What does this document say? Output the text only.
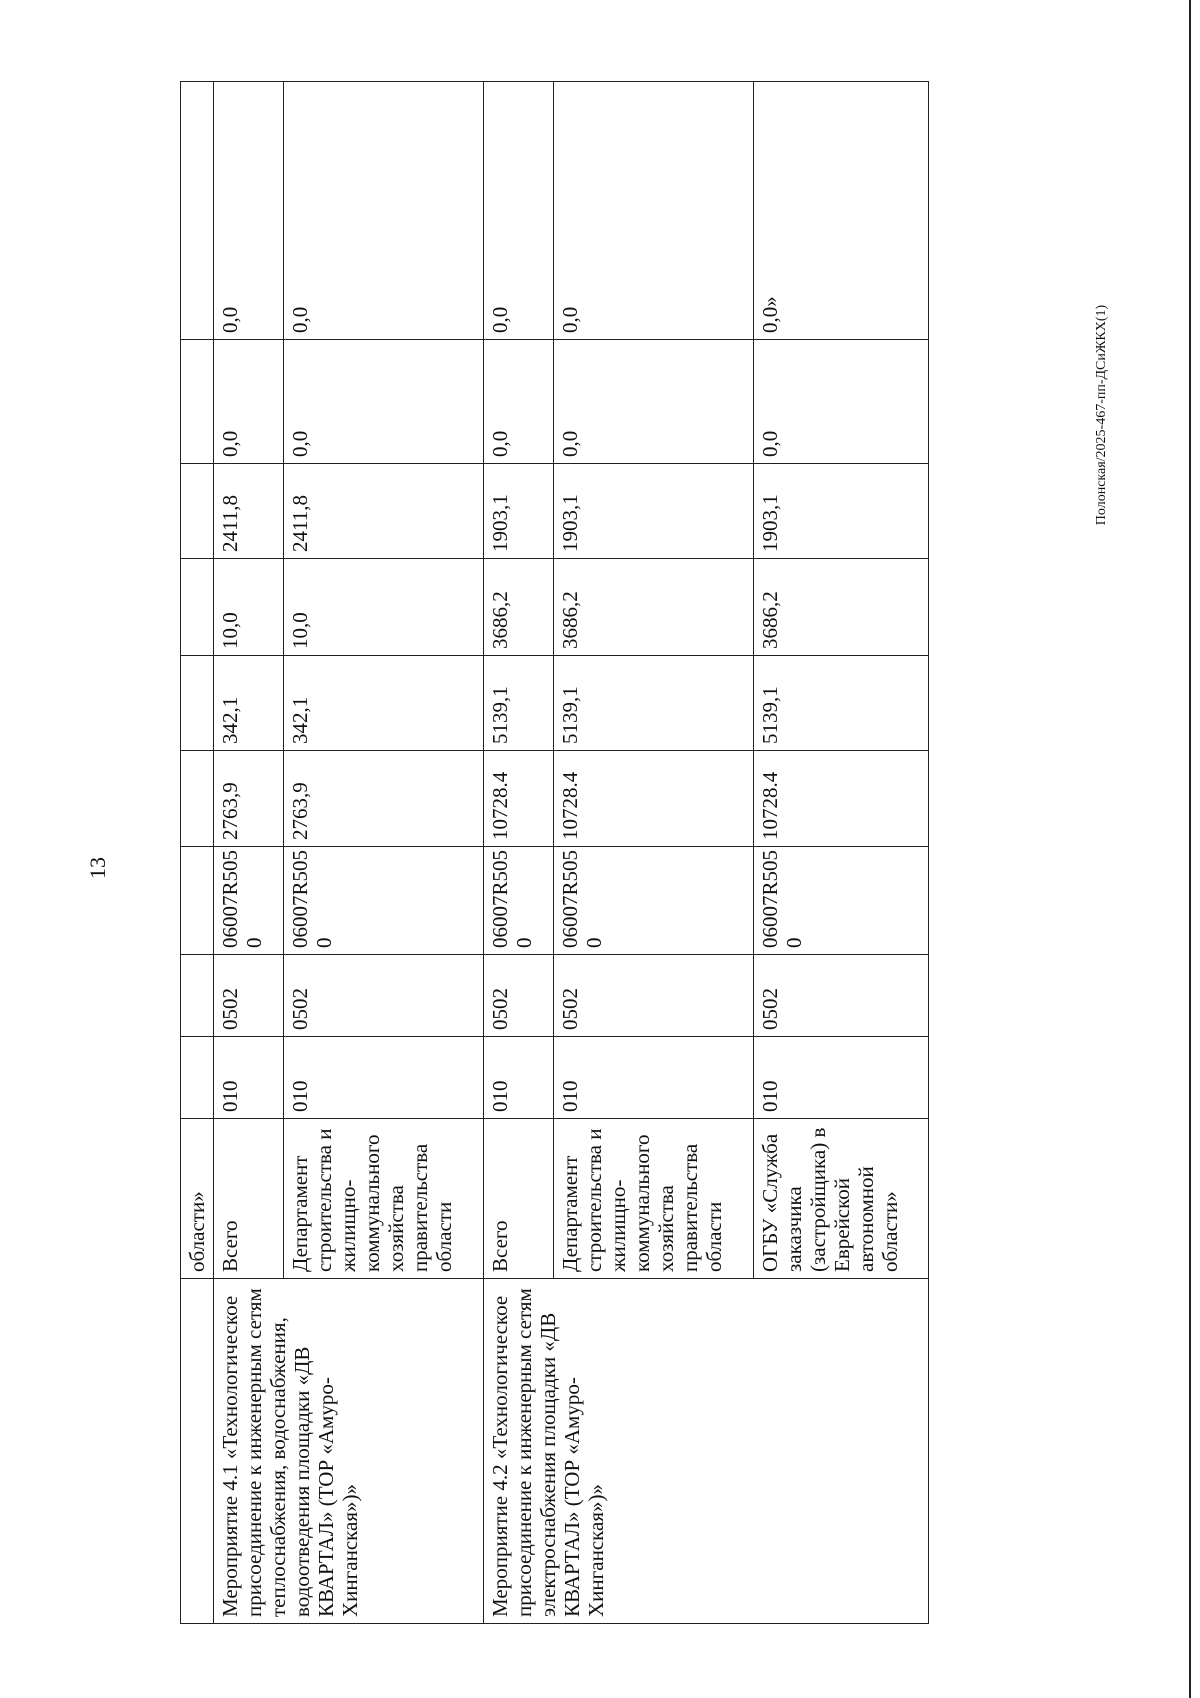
13
Полонская/2025-467-пп-ДСиЖКХ(1)
	области»									
Мероприятие 4.1 «Технологическое присоединение к инженерным сетям теплоснабжения, водоснабжения, водоотведения площадки «ДВ КВАРТАЛ» (ТОР «Амуро-Хинганская»)»	Всего	010	0502	06007R505 0	2763,9	342,1	10,0	2411,8	0,0	0,0
	Департамент строительства и жилищно-коммунального хозяйства правительства области	010	0502	06007R505 0	2763,9	342,1	10,0	2411,8	0,0	0,0
Мероприятие 4.2 «Технологическое присоединение к инженерным сетям электроснабжения площадки «ДВ КВАРТАЛ» (ТОР «Амуро-Хинганская»)»	Всего	010	0502	06007R505 0	10728.4	5139,1	3686,2	1903,1	0,0	0,0
	Департамент строительства и жилищно-коммунального хозяйства правительства области	010	0502	06007R505 0	10728.4	5139,1	3686,2	1903,1	0,0	0,0
	ОГБУ «Служба заказчика (застройщика) в Еврейской автономной области»	010	0502	06007R505 0	10728.4	5139,1	3686,2	1903,1	0,0	0,0»
